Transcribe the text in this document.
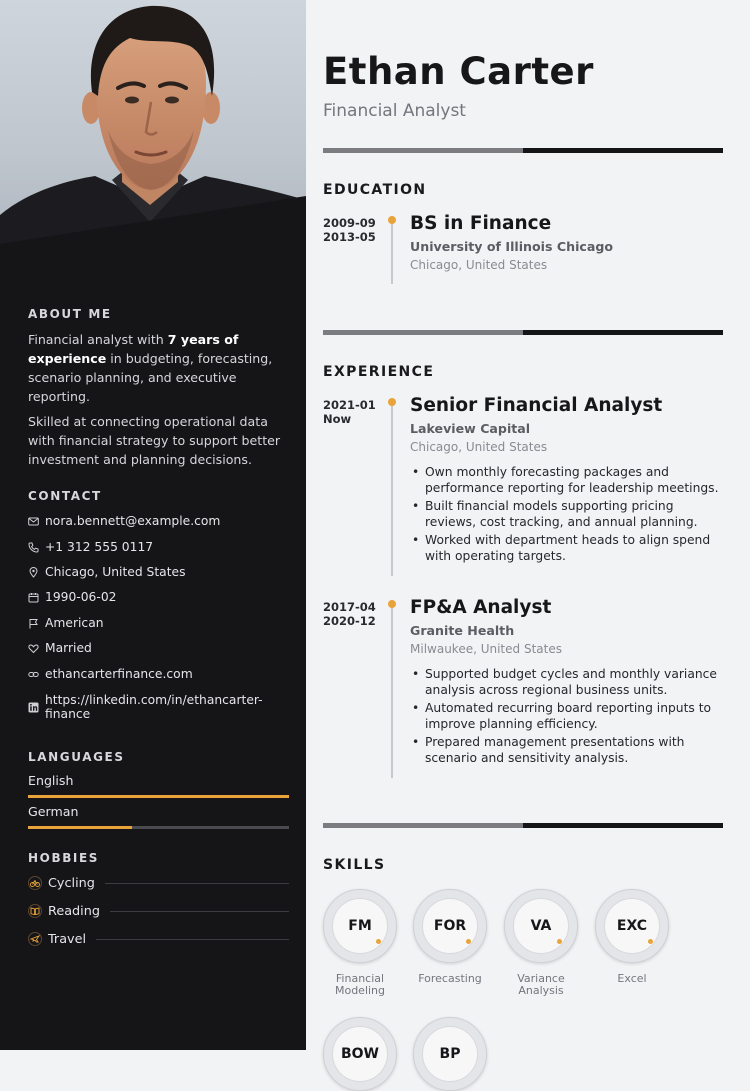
ABOUT ME

Financial analyst with 7 years of experience in budgeting, forecasting, scenario planning, and executive reporting.

Skilled at connecting operational data with financial strategy to support better investment and planning decisions.

CONTACT
nora.bennett@example.com
+1 312 555 0117
Chicago, United States
1990-06-02
American
Married
ethancarterfinance.com
https://linkedin.com/in/ethancarter-finance
LANGUAGES
English
German
HOBBIES
Cycling
Reading
Travel
Ethan Carter
Financial Analyst
EDUCATION
2009-09
2013-05
BS in Finance
University of Illinois Chicago
Chicago, United States
EXPERIENCE
2021-01
Now
Senior Financial Analyst
Lakeview Capital
Chicago, United States
• Own monthly forecasting packages and performance reporting for leadership meetings.
• Built financial models supporting pricing reviews, cost tracking, and annual planning.
• Worked with department heads to align spend with operating targets.
2017-04
2020-12
FP&A Analyst
Granite Health
Milwaukee, United States
• Supported budget cycles and monthly variance analysis across regional business units.
• Automated recurring board reporting inputs to improve planning efficiency.
• Prepared management presentations with scenario and sensitivity analysis.
SKILLS
FM
Financial Modeling
FOR
Forecasting
VA
Variance Analysis
EXC
Excel
BOW	BP
